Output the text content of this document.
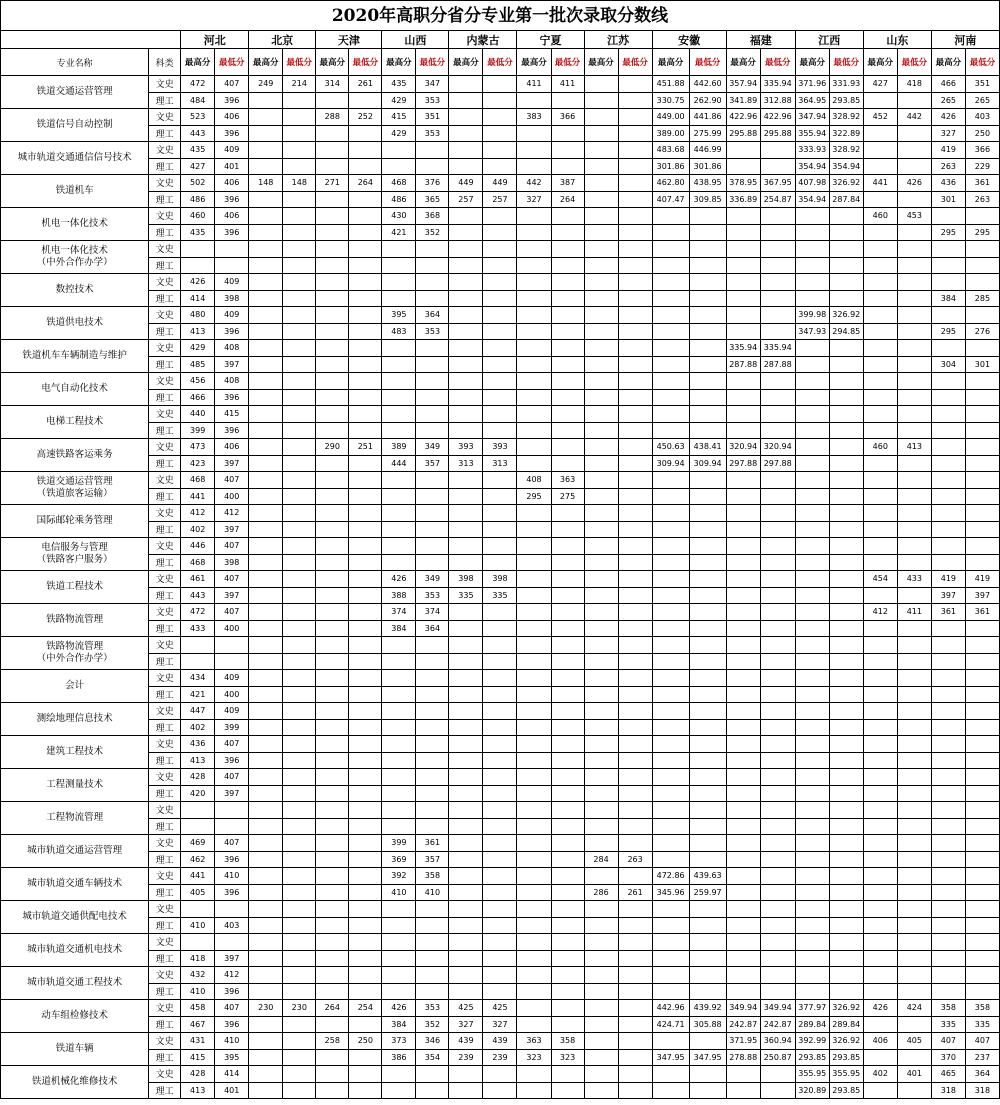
2020年高职分省分专业第一批次录取分数线
		河北		北京		天津		山西		内蒙古		宁夏		江苏		安徽		福建		江西		山东		河南	
专业名称	科类	最高分	最低分	最高分	最低分	最高分	最低分	最高分	最低分	最高分	最低分	最高分	最低分	最高分	最低分	最高分	最低分	最高分	最低分	最高分	最低分	最高分	最低分	最高分	最低分
铁道交通运营管理	文史	472	407	249	214	314	261	435	347			411	411			451.88	442.60	357.94	335.94	371.96	331.93	427	418	466	351
	理工	484	396					429	353							330.75	262.90	341.89	312.88	364.95	293.85			265	265
铁道信号自动控制	文史	523	406			288	252	415	351			383	366			449.00	441.86	422.96	422.96	347.94	328.92	452	442	426	403
	理工	443	396					429	353							389.00	275.99	295.88	295.88	355.94	322.89			327	250
城市轨道交通通信信号技术	文史	435	409													483.68	446.99			333.93	328.92			419	366
	理工	427	401													301.86	301.86			354.94	354.94			263	229
铁道机车	文史	502	406	148	148	271	264	468	376	449	449	442	387			462.80	438.95	378.95	367.95	407.98	326.92	441	426	436	361
	理工	486	396					486	365	257	257	327	264			407.47	309.85	336.89	254.87	354.94	287.84			301	263
机电一体化技术	文史	460	406					430	368													460	453		
	理工	435	396					421	352															295	295
机电一体化技术
（中外合作办学）	文史																								
	理工																								
数控技术	文史	426	409																						
	理工	414	398																					384	285
铁道供电技术	文史	480	409					395	364											399.98	326.92				
	理工	413	396					483	353											347.93	294.85			295	276
铁道机车车辆制造与维护	文史	429	408															335.94	335.94						
	理工	485	397															287.88	287.88					304	301
电气自动化技术	文史	456	408																						
	理工	466	396																						
电梯工程技术	文史	440	415																						
	理工	399	396																						
高速铁路客运乘务	文史	473	406			290	251	389	349	393	393					450.63	438.41	320.94	320.94			460	413		
	理工	423	397					444	357	313	313					309.94	309.94	297.88	297.88						
铁道交通运营管理
（铁道旅客运输）	文史	468	407									408	363												
	理工	441	400									295	275												
国际邮轮乘务管理	文史	412	412																						
	理工	402	397																						
电信服务与管理
（铁路客户服务）	文史	446	407																						
	理工	468	398																						
铁道工程技术	文史	461	407					426	349	398	398											454	433	419	419
	理工	443	397					388	353	335	335													397	397
铁路物流管理	文史	472	407					374	374													412	411	361	361
	理工	433	400					384	364																
铁路物流管理
（中外合作办学）	文史																								
	理工																								
会计	文史	434	409																						
	理工	421	400																						
测绘地理信息技术	文史	447	409																						
	理工	402	399																						
建筑工程技术	文史	436	407																						
	理工	413	396																						
工程测量技术	文史	428	407																						
	理工	420	397																						
工程物流管理	文史																								
	理工																								
城市轨道交通运营管理	文史	469	407					399	361																
	理工	462	396					369	357					284	263										
城市轨道交通车辆技术	文史	441	410					392	358							472.86	439.63								
	理工	405	396					410	410					286	261	345.96	259.97								
城市轨道交通供配电技术	文史																								
	理工	410	403																						
城市轨道交通机电技术	文史																								
	理工	418	397																						
城市轨道交通工程技术	文史	432	412																						
	理工	410	396																						
动车组检修技术	文史	458	407	230	230	264	254	426	353	425	425					442.96	439.92	349.94	349.94	377.97	326.92	426	424	358	358
	理工	467	396					384	352	327	327					424.71	305.88	242.87	242.87	289.84	289.84			335	335
铁道车辆	文史	431	410			258	250	373	346	439	439	363	358					371.95	360.94	392.99	326.92	406	405	407	407
	理工	415	395					386	354	239	239	323	323			347.95	347.95	278.88	250.87	293.85	293.85			370	237
铁道机械化维修技术	文史	428	414																	355.95	355.95	402	401	465	364
	理工	413	401																	320.89	293.85			318	318
